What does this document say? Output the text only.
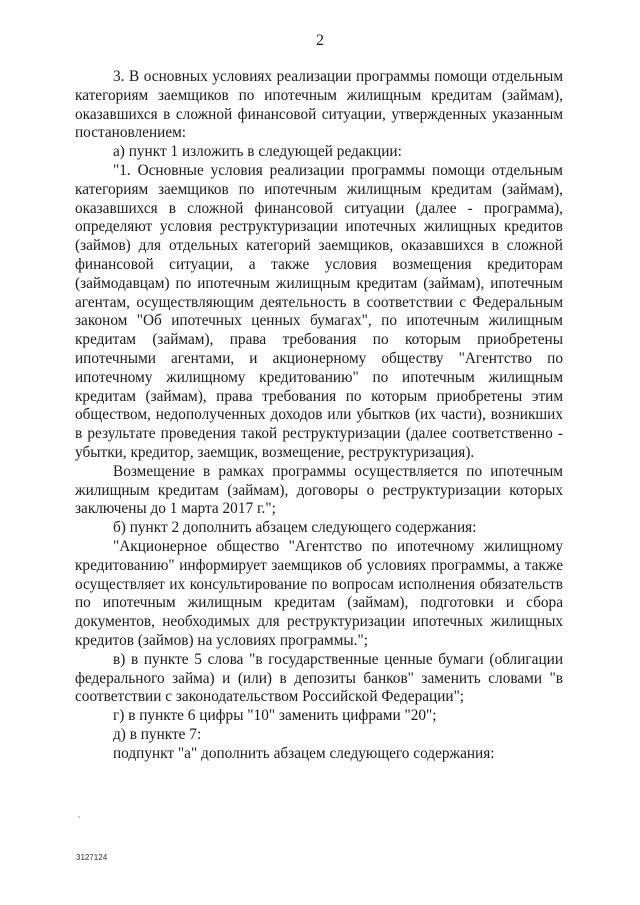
2

3. В основных условиях реализации программы помощи отдельным категориям заемщиков по ипотечным жилищным кредитам (займам), оказавшихся в сложной финансовой ситуации, утвержденных указанным постановлением:

а) пункт 1 изложить в следующей редакции:

"1. Основные условия реализации программы помощи отдельным категориям заемщиков по ипотечным жилищным кредитам (займам), оказавшихся в сложной финансовой ситуации (далее - программа), определяют условия реструктуризации ипотечных жилищных кредитов (займов) для отдельных категорий заемщиков, оказавшихся в сложной финансовой ситуации, а также условия возмещения кредиторам (займодавцам) по ипотечным жилищным кредитам (займам), ипотечным агентам, осуществляющим деятельность в соответствии с Федеральным законом "Об ипотечных ценных бумагах", по ипотечным жилищным кредитам (займам), права требования по которым приобретены ипотечными агентами, и акционерному обществу "Агентство по ипотечному жилищному кредитованию" по ипотечным жилищным кредитам (займам), права требования по которым приобретены этим обществом, недополученных доходов или убытков (их части), возникших в результате проведения такой реструктуризации (далее соответственно - убытки, кредитор, заемщик, возмещение, реструктуризация).

Возмещение в рамках программы осуществляется по ипотечным жилищным кредитам (займам), договоры о реструктуризации которых заключены до 1 марта 2017 г.";

б) пункт 2 дополнить абзацем следующего содержания:

"Акционерное общество "Агентство по ипотечному жилищному кредитованию" информирует заемщиков об условиях программы, а также осуществляет их консультирование по вопросам исполнения обязательств по ипотечным жилищным кредитам (займам), подготовки и сбора документов, необходимых для реструктуризации ипотечных жилищных кредитов (займов) на условиях программы.";

в) в пункте 5 слова "в государственные ценные бумаги (облигации федерального займа) и (или) в депозиты банков" заменить словами "в соответствии с законодательством Российской Федерации";

г) в пункте 6 цифры "10" заменить цифрами "20";

д) в пункте 7:

подпункт "а" дополнить абзацем следующего содержания:

3127124
